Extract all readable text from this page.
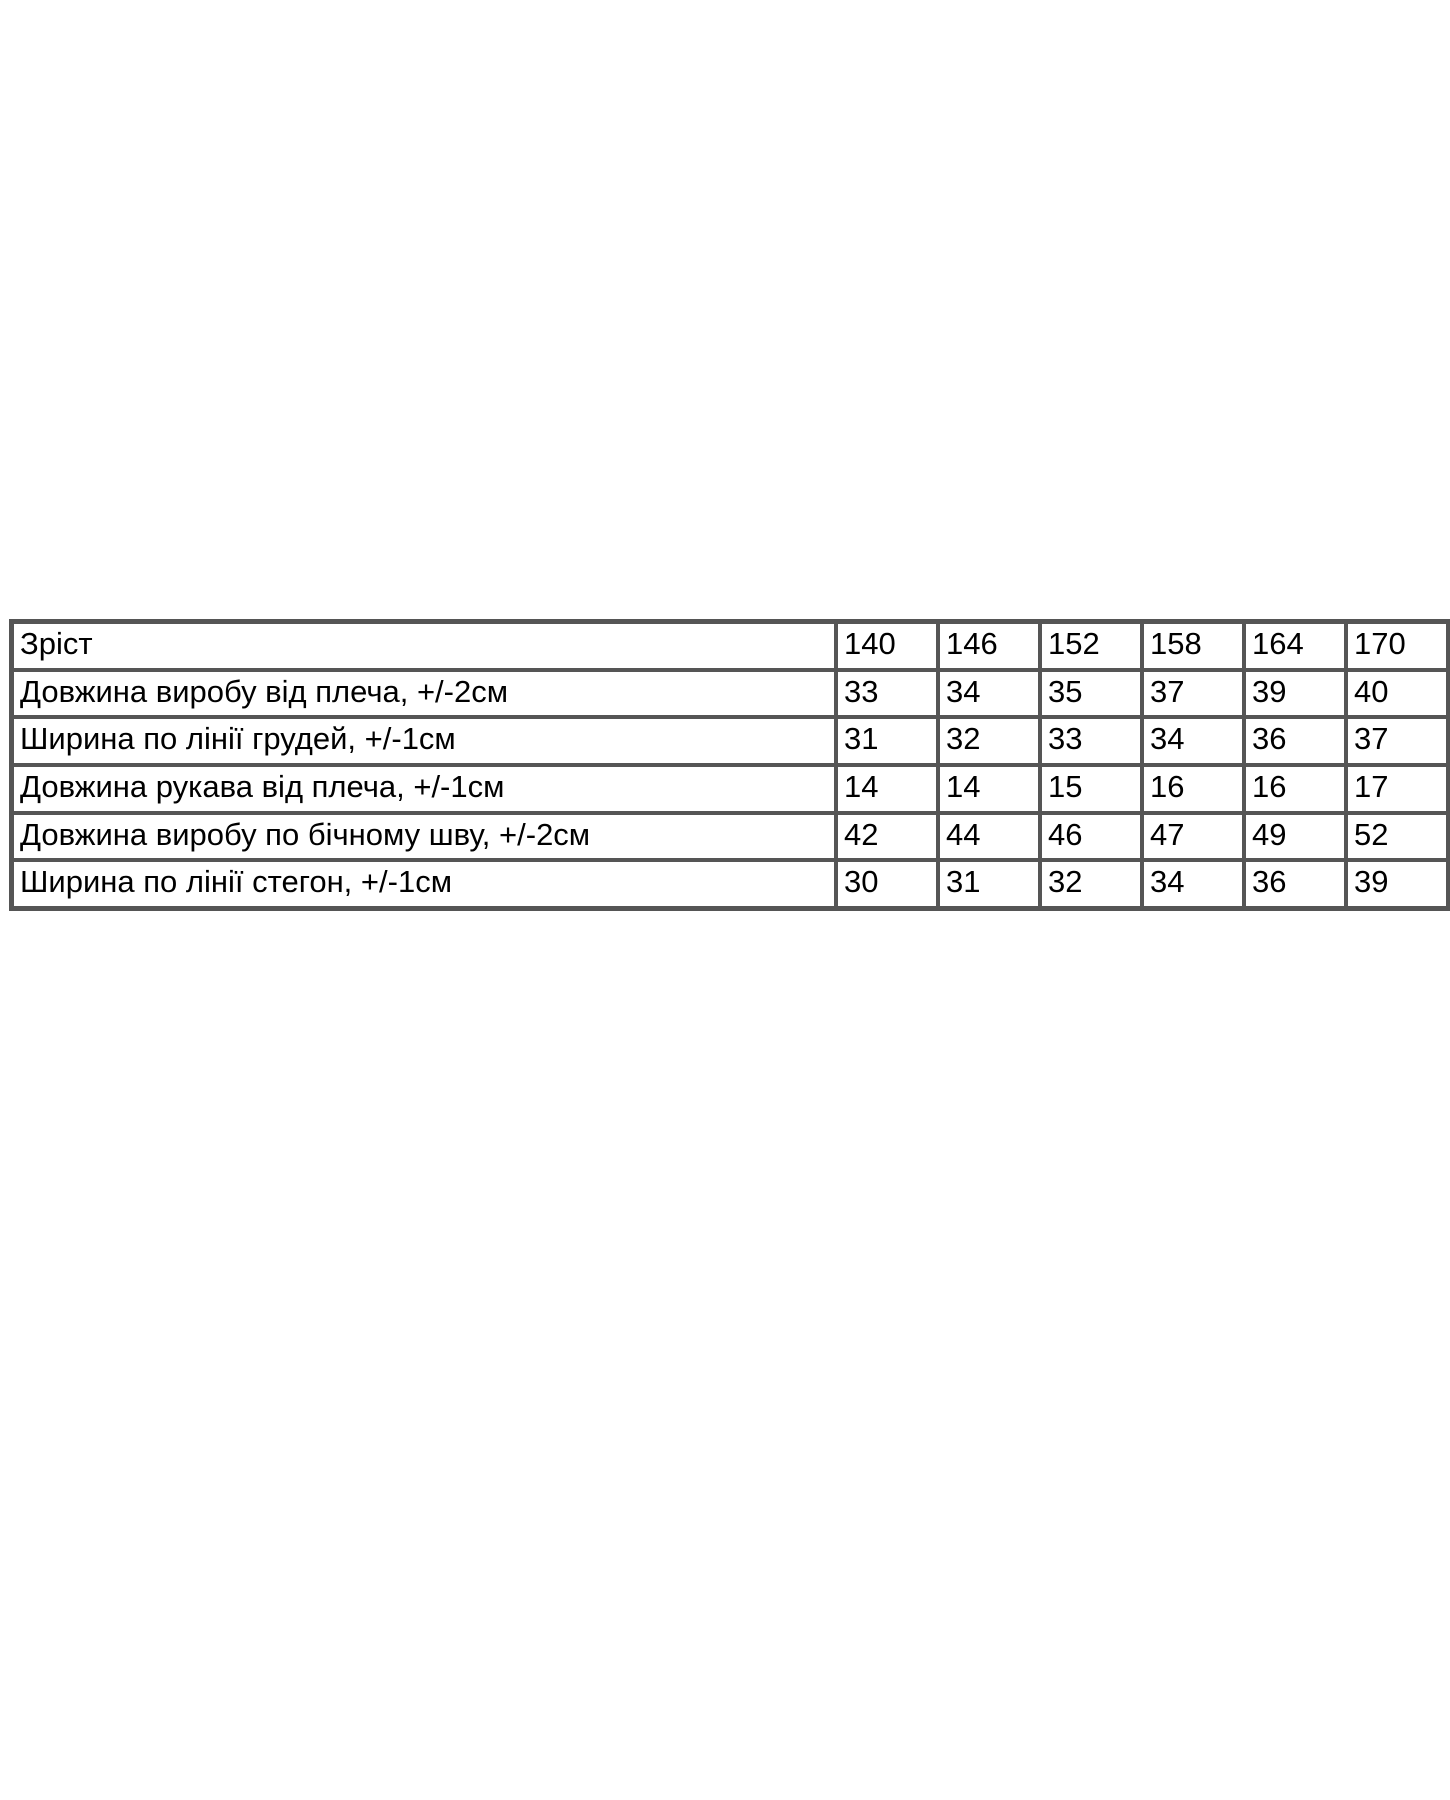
Зріст	140	146	152	158	164	170
Довжина виробу від плеча, +/-2см	33	34	35	37	39	40
Ширина по лінії грудей, +/-1см	31	32	33	34	36	37
Довжина рукава від плеча, +/-1см	14	14	15	16	16	17
Довжина виробу по бічному шву, +/-2см	42	44	46	47	49	52
Ширина по лінії стегон, +/-1см	30	31	32	34	36	39
